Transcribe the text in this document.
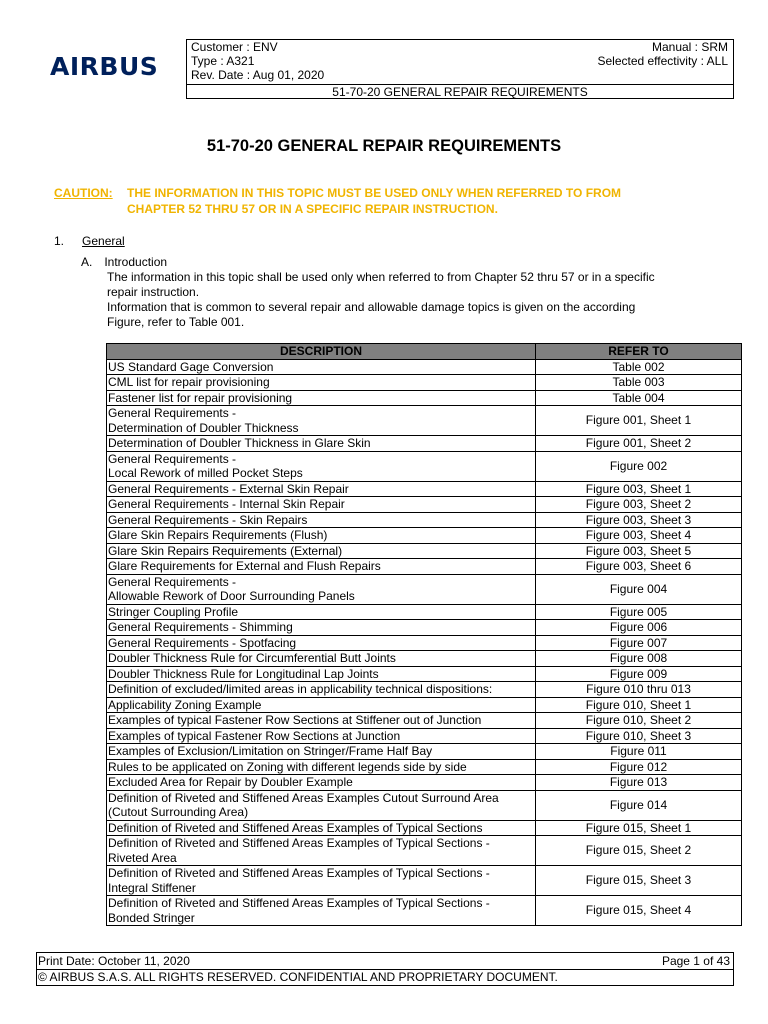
AIRBUS
Customer : ENV	Manual : SRM
Type : A321	Selected effectivity : ALL
Rev. Date : Aug 01, 2020
51-70-20 GENERAL REPAIR REQUIREMENTS
51-70-20 GENERAL REPAIR REQUIREMENTS
CAUTION: THE INFORMATION IN THIS TOPIC MUST BE USED ONLY WHEN REFERRED TO FROM
CHAPTER 52 THRU 57 OR IN A SPECIFIC REPAIR INSTRUCTION.
1. General
A. Introduction
The information in this topic shall be used only when referred to from Chapter 52 thru 57 or in a specific
repair instruction.
Information that is common to several repair and allowable damage topics is given on the according
Figure, refer to Table 001.
DESCRIPTION	REFER TO

US Standard Gage Conversion	Table 002

CML list for repair provisioning	Table 003

Fastener list for repair provisioning	Table 004

General Requirements -
Determination of Doubler Thickness	Figure 001, Sheet 1

Determination of Doubler Thickness in Glare Skin	Figure 001, Sheet 2

General Requirements -
Local Rework of milled Pocket Steps	Figure 002

General Requirements - External Skin Repair	Figure 003, Sheet 1

General Requirements - Internal Skin Repair	Figure 003, Sheet 2

General Requirements - Skin Repairs	Figure 003, Sheet 3

Glare Skin Repairs Requirements (Flush)	Figure 003, Sheet 4

Glare Skin Repairs Requirements (External)	Figure 003, Sheet 5

Glare Requirements for External and Flush Repairs	Figure 003, Sheet 6

General Requirements -
Allowable Rework of Door Surrounding Panels	Figure 004

Stringer Coupling Profile	Figure 005

General Requirements - Shimming	Figure 006

General Requirements - Spotfacing	Figure 007

Doubler Thickness Rule for Circumferential Butt Joints	Figure 008

Doubler Thickness Rule for Longitudinal Lap Joints	Figure 009

Definition of excluded/limited areas in applicability technical dispositions:	Figure 010 thru 013

Applicability Zoning Example	Figure 010, Sheet 1

Examples of typical Fastener Row Sections at Stiffener out of Junction	Figure 010, Sheet 2

Examples of typical Fastener Row Sections at Junction	Figure 010, Sheet 3

Examples of Exclusion/Limitation on Stringer/Frame Half Bay	Figure 011

Rules to be applicated on Zoning with different legends side by side	Figure 012

Excluded Area for Repair by Doubler Example	Figure 013

Definition of Riveted and Stiffened Areas Examples Cutout Surround Area
(Cutout Surrounding Area)	Figure 014

Definition of Riveted and Stiffened Areas Examples of Typical Sections	Figure 015, Sheet 1

Definition of Riveted and Stiffened Areas Examples of Typical Sections -
Riveted Area	Figure 015, Sheet 2

Definition of Riveted and Stiffened Areas Examples of Typical Sections -
Integral Stiffener	Figure 015, Sheet 3

Definition of Riveted and Stiffened Areas Examples of Typical Sections -
Bonded Stringer	Figure 015, Sheet 4
Print Date: October 11, 2020	Page 1 of 43
© AIRBUS S.A.S. ALL RIGHTS RESERVED. CONFIDENTIAL AND PROPRIETARY DOCUMENT.
